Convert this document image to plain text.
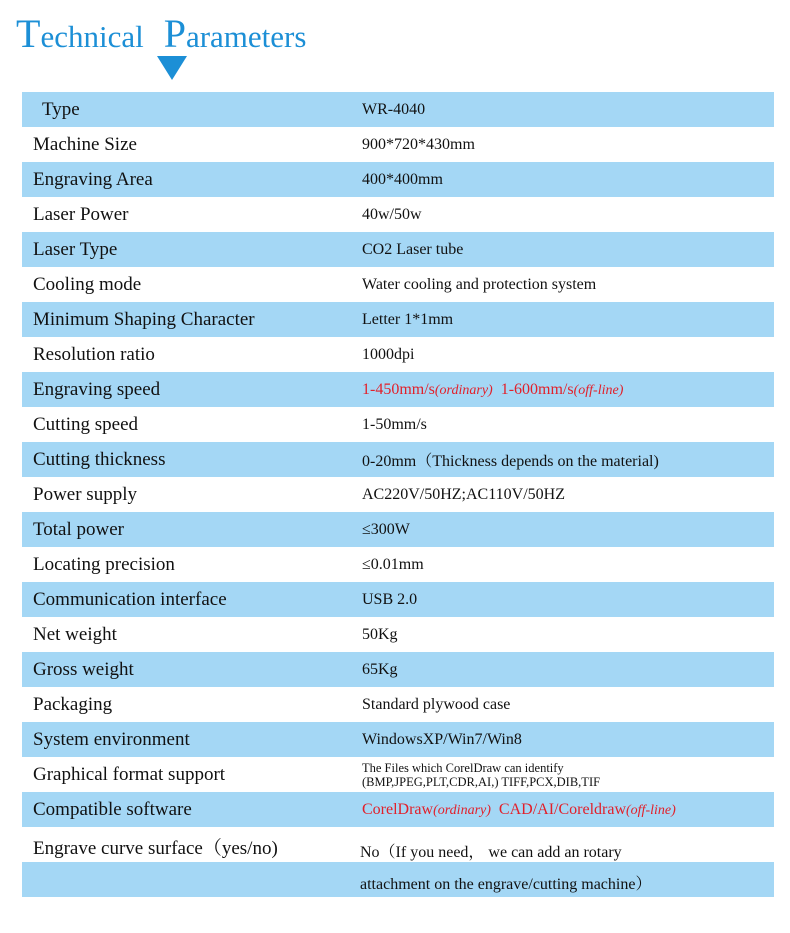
Technical Parameters
Type	WR-4040
Machine Size	900*720*430mm
Engraving Area	400*400mm
Laser Power	40w/50w
Laser Type	CO2 Laser tube
Cooling mode	Water cooling and protection system
Minimum Shaping Character	Letter 1*1mm
Resolution ratio	1000dpi
Engraving speed	1-450mm/s(ordinary) 1-600mm/s(off-line)
Cutting speed	1-50mm/s
Cutting thickness	0-20mm（Thickness depends on the material)
Power supply	AC220V/50HZ;AC110V/50HZ
Total power	≤300W
Locating precision	≤0.01mm
Communication interface	USB 2.0
Net weight	50Kg
Gross weight	65Kg
Packaging	Standard plywood case
System environment	WindowsXP/Win7/Win8
Graphical format support	The Files which CorelDraw can identify
(BMP,JPEG,PLT,CDR,AI,) TIFF,PCX,DIB,TIF
Compatible software	CorelDraw(ordinary) CAD/AI/Coreldraw(off-line)
Engrave curve surface（yes/no)	No（If you need， we can add an rotary
attachment on the engrave/cutting machine）
